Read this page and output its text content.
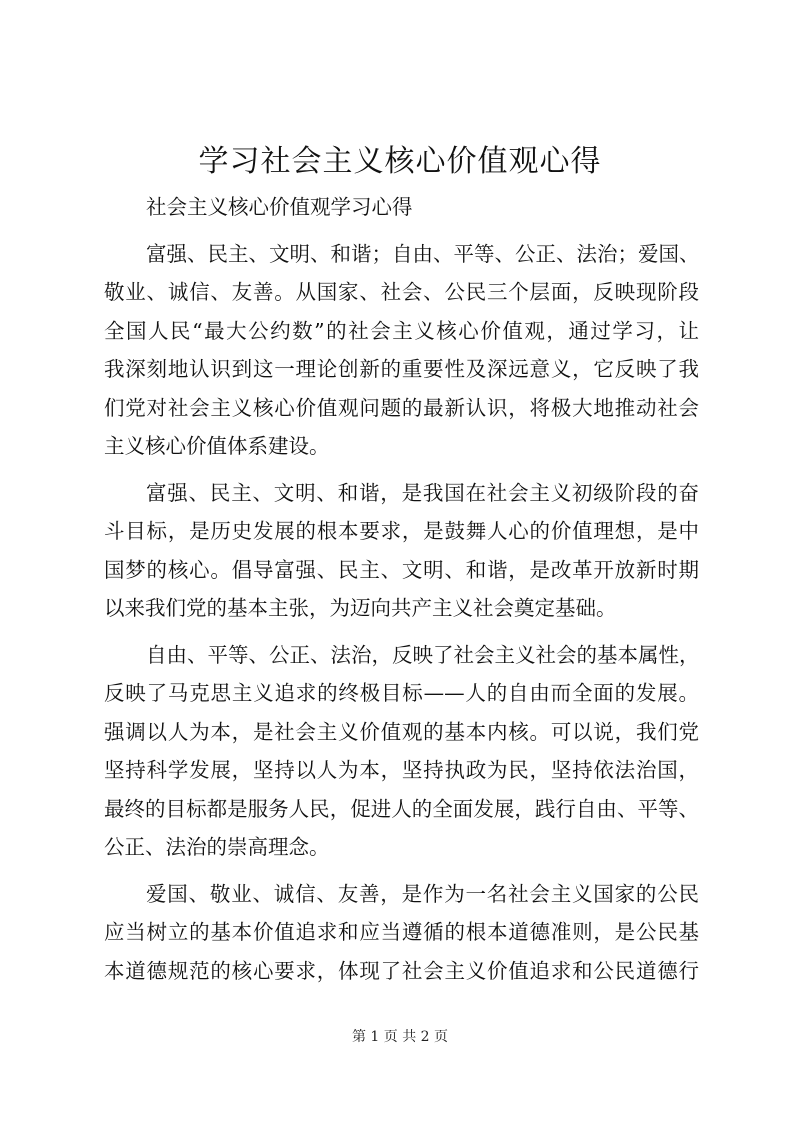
学习社会主义核心价值观心得
社会主义核心价值观学习心得
富强、民主、文明、和谐；自由、平等、公正、法治；爱国、
敬业、诚信、友善。从国家、社会、公民三个层面，反映现阶段
全国人民“最大公约数”的社会主义核心价值观，通过学习，让
我深刻地认识到这一理论创新的重要性及深远意义，它反映了我
们党对社会主义核心价值观问题的最新认识，将极大地推动社会
主义核心价值体系建设。
富强、民主、文明、和谐，是我国在社会主义初级阶段的奋
斗目标，是历史发展的根本要求，是鼓舞人心的价值理想，是中
国梦的核心。倡导富强、民主、文明、和谐，是改革开放新时期
以来我们党的基本主张，为迈向共产主义社会奠定基础。
自由、平等、公正、法治，反映了社会主义社会的基本属性，
反映了马克思主义追求的终极目标——人的自由而全面的发展。
强调以人为本，是社会主义价值观的基本内核。可以说，我们党
坚持科学发展，坚持以人为本，坚持执政为民，坚持依法治国，
最终的目标都是服务人民，促进人的全面发展，践行自由、平等、
公正、法治的崇高理念。
爱国、敬业、诚信、友善，是作为一名社会主义国家的公民
应当树立的基本价值追求和应当遵循的根本道德准则，是公民基
本道德规范的核心要求，体现了社会主义价值追求和公民道德行
第 1 页 共 2 页
